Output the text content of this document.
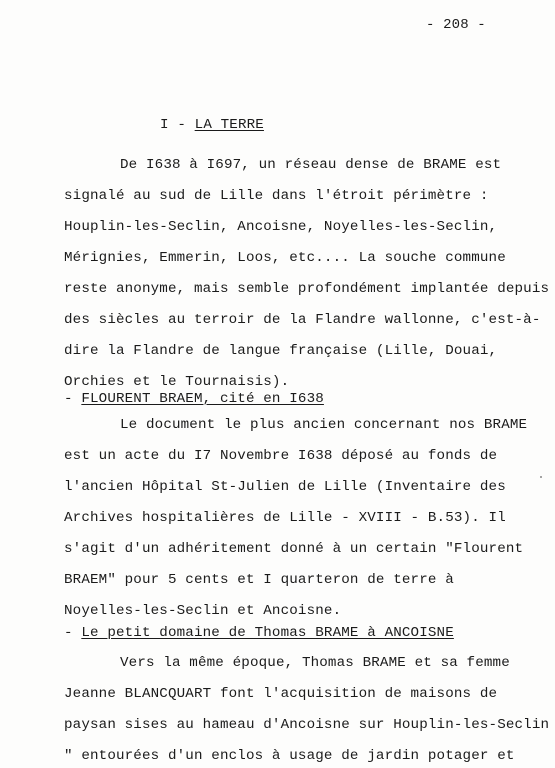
- 208 -
I - LA TERRE
De I638 à I697, un réseau dense de BRAME est
signalé au sud de Lille dans l'étroit périmètre :
Houplin-les-Seclin, Ancoisne, Noyelles-les-Seclin,
Mérignies, Emmerin, Loos, etc.... La souche commune
reste anonyme, mais semble profondément implantée depuis
des siècles au terroir de la Flandre wallonne, c'est-à-
dire la Flandre de langue française (Lille, Douai,
Orchies et le Tournaisis).
- FLOURENT BRAEM, cité en I638
Le document le plus ancien concernant nos BRAME
est un acte du I7 Novembre I638 déposé au fonds de
l'ancien Hôpital St-Julien de Lille (Inventaire des
Archives hospitalières de Lille - XVIII - B.53). Il
s'agit d'un adhéritement donné à un certain "Flourent
BRAEM" pour 5 cents et I quarteron de terre à
Noyelles-les-Seclin et Ancoisne.
- Le petit domaine de Thomas BRAME à ANCOISNE
Vers la même époque, Thomas BRAME et sa femme
Jeanne BLANCQUART font l'acquisition de maisons de
paysan sises au hameau d'Ancoisne sur Houplin-les-Seclin
" entourées d'un enclos à usage de jardin potager et
